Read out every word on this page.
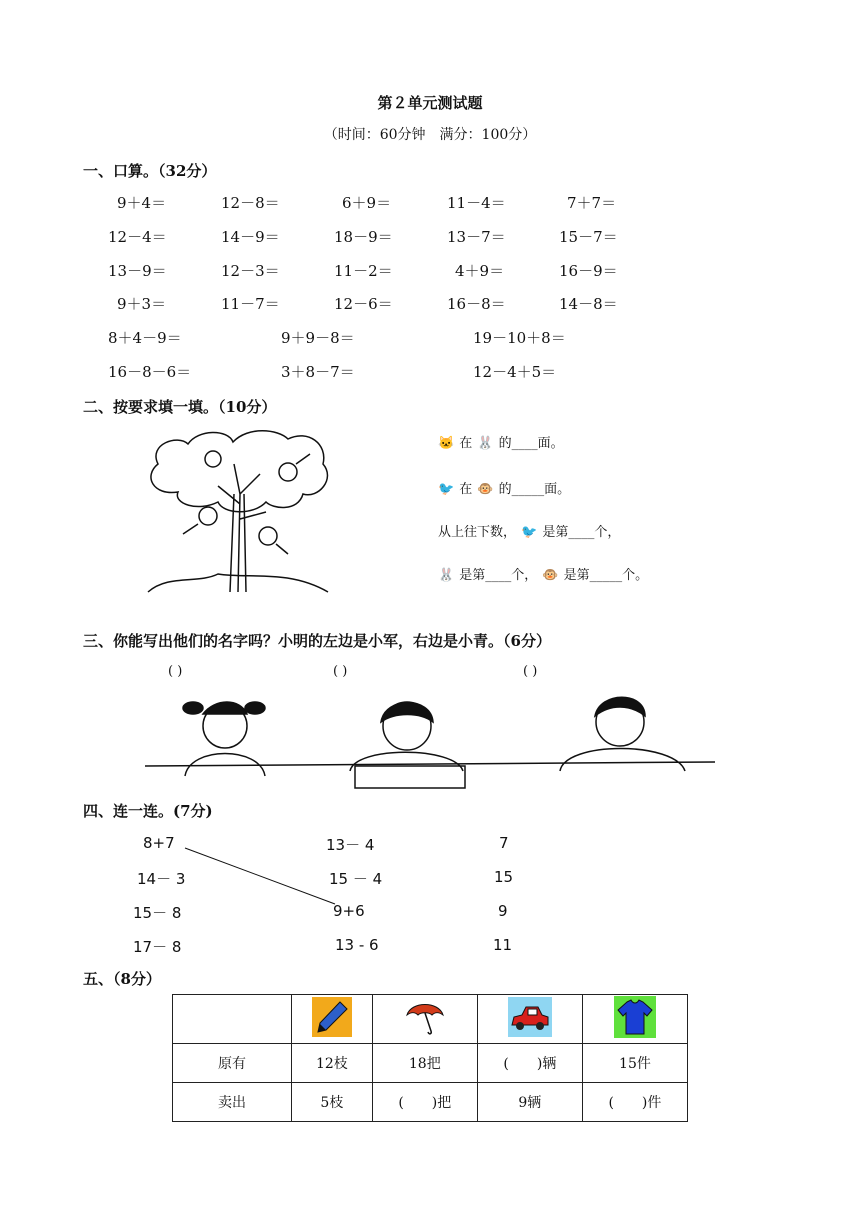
第２单元测试题
（时间：60分钟　满分：100分）
一、口算。（32分）
9＋4＝	12－8＝	6＋9＝	11－4＝	7＋7＝
12－4＝	14－9＝	18－9＝	13－7＝	15－7＝
13－9＝	12－3＝	11－2＝	4＋9＝	16－9＝
9＋3＝	11－7＝	12－6＝	16－8＝	14－8＝
8＋4－9＝	9＋9－8＝	19－10＋8＝
16－8－6＝	3＋8－7＝	12－4＋5＝
二、按要求填一填。（10分）
🐱 在 🐰 的____面。
🐦 在 🐵 的_____面。
从上往下数， 🐦 是第____个，
🐰 是第____个， 🐵 是第_____个。
三、你能写出他们的名字吗？小明的左边是小军，右边是小青。（6分）
( )	( )	( )
四、连一连。(7分)
8+7
14－ 3
15－ 8
17－ 8
13－ 4
15 － 4
9+6
13 - 6
7
15
9
11
五、（8分）

原有	12枝	18把	(　　)辆	15件
卖出	5枝	(　　)把	9辆	(　　)件
